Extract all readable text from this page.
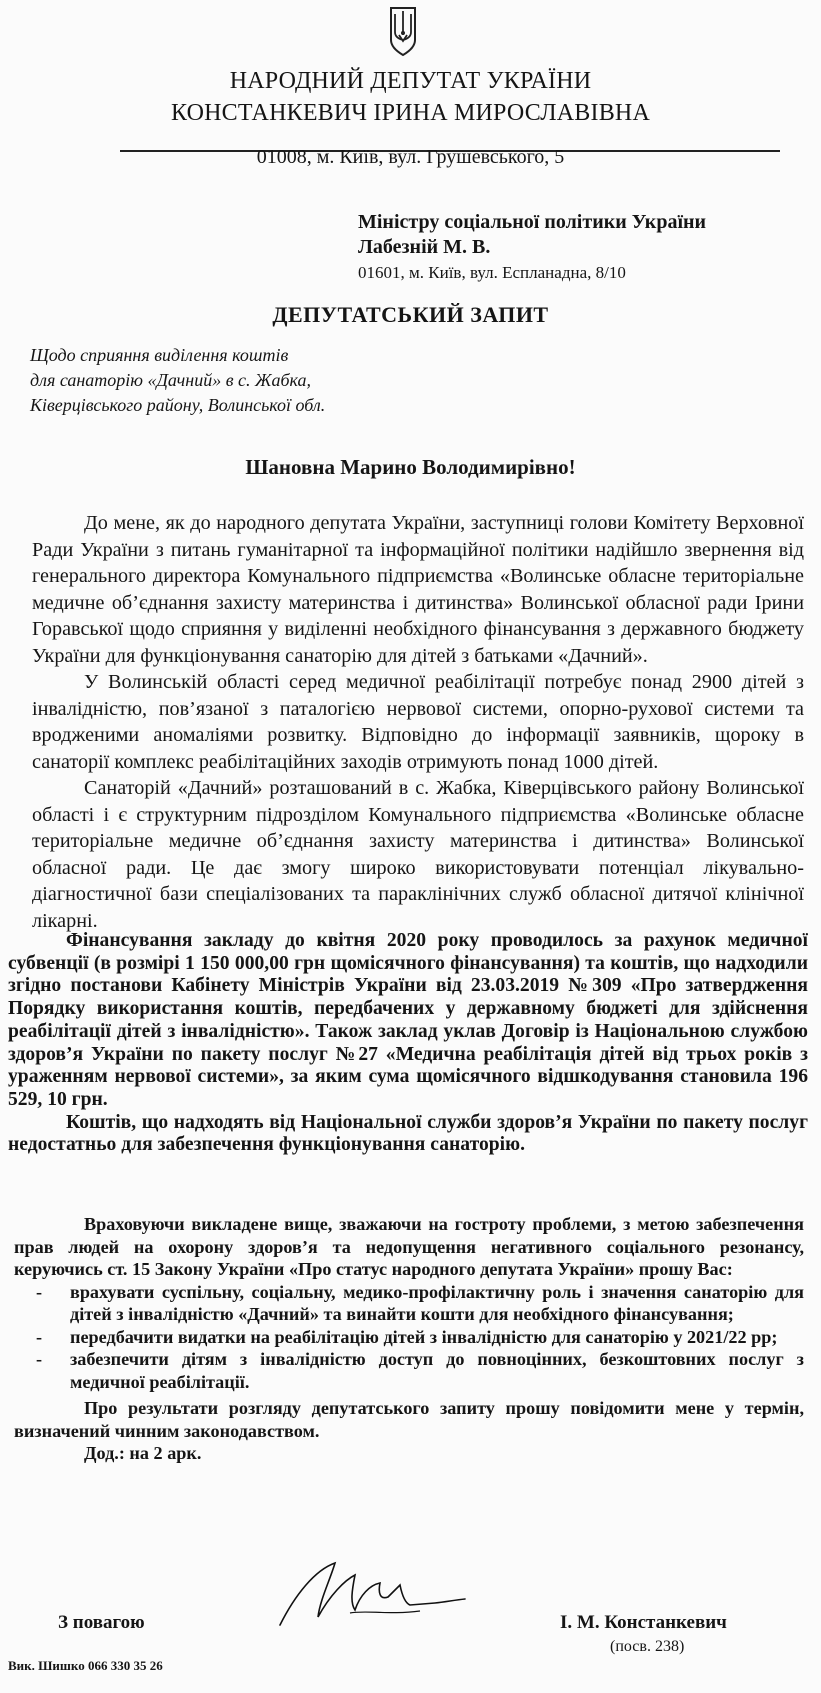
НАРОДНИЙ ДЕПУТАТ УКРАЇНИ
КОНСТАНКЕВИЧ ІРИНА МИРОСЛАВІВНА
01008, м. Київ, вул. Грушевського, 5
Міністру соціальної політики України
Лабезній М. В.
01601, м. Київ, вул. Еспланадна, 8/10
ДЕПУТАТСЬКИЙ ЗАПИТ
Щодо сприяння виділення коштів
для санаторію «Дачний» в с. Жабка,
Ківерцівського району, Волинської обл.
Шановна Марино Володимирівно!

До мене, як до народного депутата України, заступниці голови Комітету Верховної Ради України з питань гуманітарної та інформаційної політики надійшло звернення від генерального директора Комунального підприємства «Волинське обласне територіальне медичне об’єднання захисту материнства і дитинства» Волинської обласної ради Ірини Горавської щодо сприяння у виділенні необхідного фінансування з державного бюджету України для функціонування санаторію для дітей з батьками «Дачний».

У Волинській області серед медичної реабілітації потребує понад 2900 дітей з інвалідністю, пов’язаної з паталогією нервової системи, опорно-рухової системи та вродженими аномаліями розвитку. Відповідно до інформації заявників, щороку в санаторії комплекс реабілітаційних заходів отримують понад 1000 дітей.

Санаторій «Дачний» розташований в с. Жабка, Ківерцівського району Волинської області і є структурним підрозділом Комунального підприємства «Волинське обласне територіальне медичне об’єднання захисту материнства і дитинства» Волинської обласної ради. Це дає змогу широко використовувати потенціал лікувально-діагностичної бази спеціалізованих та параклінічних служб обласної дитячої клінічної лікарні.

Фінансування закладу до квітня 2020 року проводилось за рахунок медичної субвенції (в розмірі 1 150 000,00 грн щомісячного фінансування) та коштів, що надходили згідно постанови Кабінету Міністрів України від 23.03.2019 №309 «Про затвердження Порядку використання коштів, передбачених у державному бюджеті для здійснення реабілітації дітей з інвалідністю». Також заклад уклав Договір із Національною службою здоров’я України по пакету послуг №27 «Медична реабілітація дітей від трьох років з ураженням нервової системи», за яким сума щомісячного відшкодування становила 196 529, 10 грн.

Коштів, що надходять від Національної служби здоров’я України по пакету послуг недостатньо для забезпечення функціонування санаторію.

Враховуючи викладене вище, зважаючи на гостроту проблеми, з метою забезпечення прав людей на охорону здоров’я та недопущення негативного соціального резонансу, керуючись ст. 15 Закону України «Про статус народного депутата України» прошу Вас:

- врахувати суспільну, соціальну, медико-профілактичну роль і значення санаторію для дітей з інвалідністю «Дачний» та винайти кошти для необхідного фінансування;

- передбачити видатки на реабілітацію дітей з інвалідністю для санаторію у 2021/22 рр;

- забезпечити дітям з інвалідністю доступ до повноцінних, безкоштовних послуг з медичної реабілітації.

Про результати розгляду депутатського запиту прошу повідомити мене у термін, визначений чинним законодавством.

Дод.: на 2 арк.

З повагою	І. М. Констанкевич
(посв. 238)
Вик. Шишко 066 330 35 26
